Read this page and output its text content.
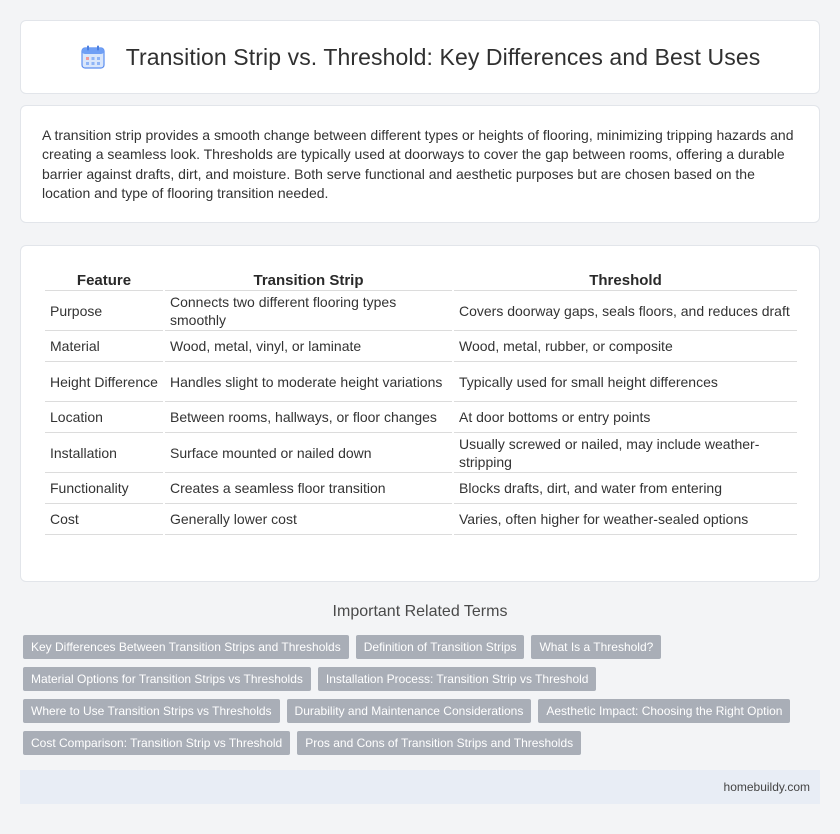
Transition Strip vs. Threshold: Key Differences and Best Uses

A transition strip provides a smooth change between different types or heights of flooring, minimizing tripping hazards and creating a seamless look. Thresholds are typically used at doorways to cover the gap between rooms, offering a durable barrier against drafts, dirt, and moisture. Both serve functional and aesthetic purposes but are chosen based on the location and type of flooring transition needed.

Feature	Transition Strip	Threshold
Purpose	Connects two different flooring types smoothly	Covers doorway gaps, seals floors, and reduces draft
Material	Wood, metal, vinyl, or laminate	Wood, metal, rubber, or composite
Height Difference	Handles slight to moderate height variations	Typically used for small height differences
Location	Between rooms, hallways, or floor changes	At door bottoms or entry points
Installation	Surface mounted or nailed down	Usually screwed or nailed, may include weather-stripping
Functionality	Creates a seamless floor transition	Blocks drafts, dirt, and water from entering
Cost	Generally lower cost	Varies, often higher for weather-sealed options
Important Related Terms
Key Differences Between Transition Strips and Thresholds	Definition of Transition Strips	What Is a Threshold?
Material Options for Transition Strips vs Thresholds	Installation Process: Transition Strip vs Threshold
Where to Use Transition Strips vs Thresholds	Durability and Maintenance Considerations	Aesthetic Impact: Choosing the Right Option
Cost Comparison: Transition Strip vs Threshold	Pros and Cons of Transition Strips and Thresholds
homebuildy.com
